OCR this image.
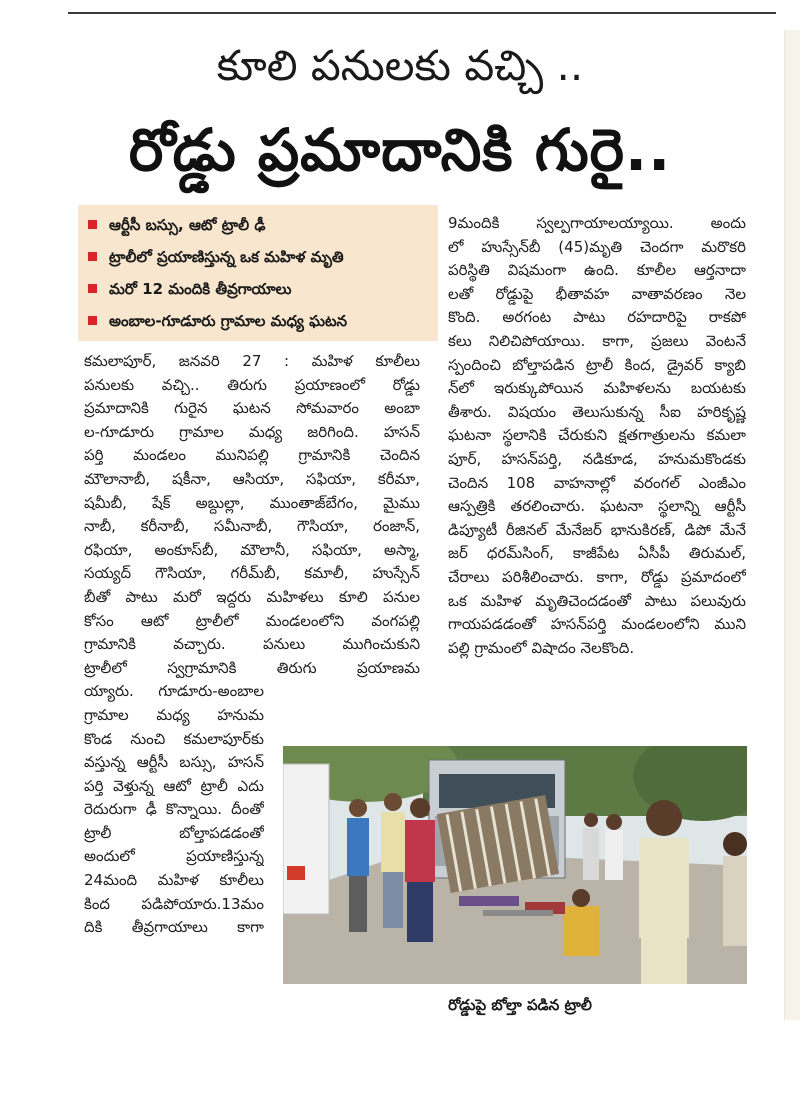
కూలి పనులకు వచ్చి ..
రోడ్డు ప్రమాదానికి గురై..
ఆర్టీసీ బస్సు, ఆటో ట్రాలీ ఢీ
ట్రాలీలో ప్రయాణిస్తున్న ఒక మహిళ మృతి
మరో 12 మందికి తీవ్రగాయాలు
అంబాల-గూడూరు గ్రామాల మధ్య ఘటన
కమలాపూర్, జనవరి 27 : మహిళ కూలీలు
పనులకు వచ్చి.. తిరుగు ప్రయాణంలో రోడ్డు
ప్రమాదానికి గురైన ఘటన సోమవారం అంబా
ల-గూడూరు గ్రామాల మధ్య జరిగింది. హసన్
పర్తి మండలం మునిపల్లి గ్రామానికి చెందిన
మౌలానాబీ, షకీనా, ఆసియా, సఫియా, కరీమా,
షమీబీ, షేక్ అబ్దుల్లా, ముంతాజ్‌బేగం, మైము
నాబీ, కరీనాబీ, సమీనాబీ, గౌసియా, రంజాన్,
రఫియా, అంకూస్‌బీ, మౌలానీ, సఫియా, అస్మా,
సయ్యద్ గౌసియా, గరీమ్‌బీ, కమాలీ, హుస్సేన్
బీతో పాటు మరో ఇద్దరు మహిళలు కూలి పనుల
కోసం ఆటో ట్రాలీలో మండలంలోని వంగపల్లి
గ్రామానికి వచ్చారు. పనులు ముగించుకుని
ట్రాలీలో స్వగ్రామానికి తిరుగు ప్రయాణమ
య్యారు. గూడూరు-అంబాల
గ్రామాల మధ్య హనుమ
కొండ నుంచి కమలాపూర్‌కు
వస్తున్న ఆర్టీసీ బస్సు, హసన్
పర్తి వెళ్తున్న ఆటో ట్రాలీ ఎదు
రెదురుగా ఢీ కొన్నాయి. దీంతో
ట్రాలీ బోల్తాపడడంతో
అందులో ప్రయాణిస్తున్న
24మంది మహిళ కూలీలు
కింద పడిపోయారు.13మం
దికి తీవ్రగాయాలు కాగా
9మందికి స్వల్పగాయాలయ్యాయి. అందు
లో హుస్సేన్‌బీ (45)మృతి చెందగా మరొకరి
పరిస్థితి విషమంగా ఉంది. కూలీల ఆర్తనాదా
లతో రోడ్డుపై భీతావహ వాతావరణం నెల
కొంది. అరగంట పాటు రహదారిపై రాకపో
కలు నిలిచిపోయాయి. కాగా, ప్రజలు వెంటనే
స్పందించి బోల్తాపడిన ట్రాలీ కింద, డ్రైవర్ క్యాబి
న్‌లో ఇరుక్కుపోయిన మహిళలను బయటకు
తీశారు. విషయం తెలుసుకున్న సీఐ హరికృష్ణ
ఘటనా స్థలానికి చేరుకుని క్షతగాత్రులను కమలా
పూర్, హసన్‌పర్తి, నడికూడ, హనుమకొండకు
చెందిన 108 వాహనాల్లో వరంగల్ ఎంజీఎం
ఆస్పత్రికి తరలించారు. ఘటనా స్థలాన్ని ఆర్టీసీ
డిప్యూటీ రీజినల్ మేనేజర్ భానుకిరణ్, డిపో మేనే
జర్ ధరమ్‌సింగ్, కాజీపేట ఏసీపీ తిరుమల్,
చేరాలు పరిశీలించారు. కాగా, రోడ్డు ప్రమాదంలో
ఒక మహిళ మృతిచెందడంతో పాటు పలువురు
గాయపడడంతో హసన్‌పర్తి మండలంలోని ముని
పల్లి గ్రామంలో విషాదం నెలకొంది.
రోడ్డుపై బోల్తా పడిన ట్రాలీ
